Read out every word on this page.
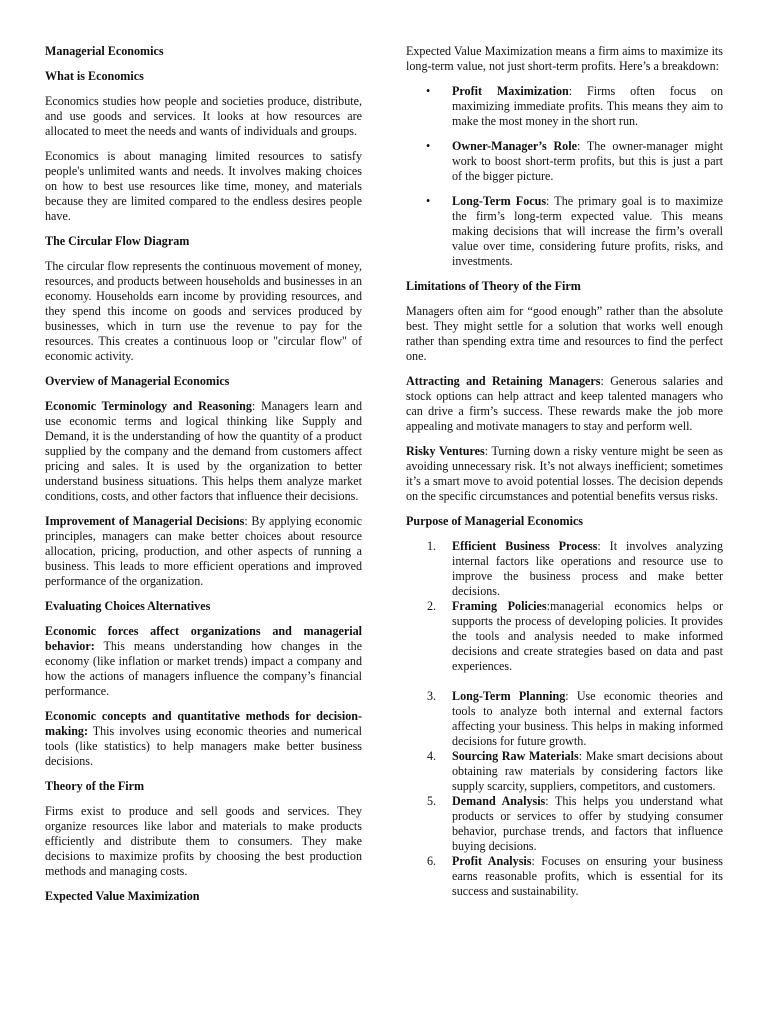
Managerial Economics

What is Economics

Economics studies how people and societies produce, distribute, and use goods and services. It looks at how resources are allocated to meet the needs and wants of individuals and groups.

Economics is about managing limited resources to satisfy people's unlimited wants and needs. It involves making choices on how to best use resources like time, money, and materials because they are limited compared to the endless desires people have.

The Circular Flow Diagram

The circular flow represents the continuous movement of money, resources, and products between households and businesses in an economy. Households earn income by providing resources, and they spend this income on goods and services produced by businesses, which in turn use the revenue to pay for the resources. This creates a continuous loop or "circular flow" of economic activity.

Overview of Managerial Economics

Economic Terminology and Reasoning: Managers learn and use economic terms and logical thinking like Supply and Demand, it is the understanding of how the quantity of a product supplied by the company and the demand from customers affect pricing and sales. It is used by the organization to better understand business situations. This helps them analyze market conditions, costs, and other factors that influence their decisions.

Improvement of Managerial Decisions: By applying economic principles, managers can make better choices about resource allocation, pricing, production, and other aspects of running a business. This leads to more efficient operations and improved performance of the organization.

Evaluating Choices Alternatives

Economic forces affect organizations and managerial behavior: This means understanding how changes in the economy (like inflation or market trends) impact a company and how the actions of managers influence the company’s financial performance.

Economic concepts and quantitative methods for decision-making: This involves using economic theories and numerical tools (like statistics) to help managers make better business decisions.

Theory of the Firm

Firms exist to produce and sell goods and services. They organize resources like labor and materials to make products efficiently and distribute them to consumers. They make decisions to maximize profits by choosing the best production methods and managing costs.

Expected Value Maximization

Expected Value Maximization means a firm aims to maximize its long-term value, not just short-term profits. Here’s a breakdown:

• Profit Maximization: Firms often focus on maximizing immediate profits. This means they aim to make the most money in the short run.
• Owner-Manager’s Role: The owner-manager might work to boost short-term profits, but this is just a part of the bigger picture.
• Long-Term Focus: The primary goal is to maximize the firm’s long-term expected value. This means making decisions that will increase the firm’s overall value over time, considering future profits, risks, and investments.

Limitations of Theory of the Firm

Managers often aim for “good enough” rather than the absolute best. They might settle for a solution that works well enough rather than spending extra time and resources to find the perfect one.

Attracting and Retaining Managers: Generous salaries and stock options can help attract and keep talented managers who can drive a firm’s success. These rewards make the job more appealing and motivate managers to stay and perform well.

Risky Ventures: Turning down a risky venture might be seen as avoiding unnecessary risk. It’s not always inefficient; sometimes it’s a smart move to avoid potential losses. The decision depends on the specific circumstances and potential benefits versus risks.

Purpose of Managerial Economics

1. Efficient Business Process: It involves analyzing internal factors like operations and resource use to improve the business process and make better decisions.
2. Framing Policies:managerial economics helps or supports the process of developing policies. It provides the tools and analysis needed to make informed decisions and create strategies based on data and past experiences.
3. Long-Term Planning: Use economic theories and tools to analyze both internal and external factors affecting your business. This helps in making informed decisions for future growth.
4. Sourcing Raw Materials: Make smart decisions about obtaining raw materials by considering factors like supply scarcity, suppliers, competitors, and customers.
5. Demand Analysis: This helps you understand what products or services to offer by studying consumer behavior, purchase trends, and factors that influence buying decisions.
6. Profit Analysis: Focuses on ensuring your business earns reasonable profits, which is essential for its success and sustainability.
